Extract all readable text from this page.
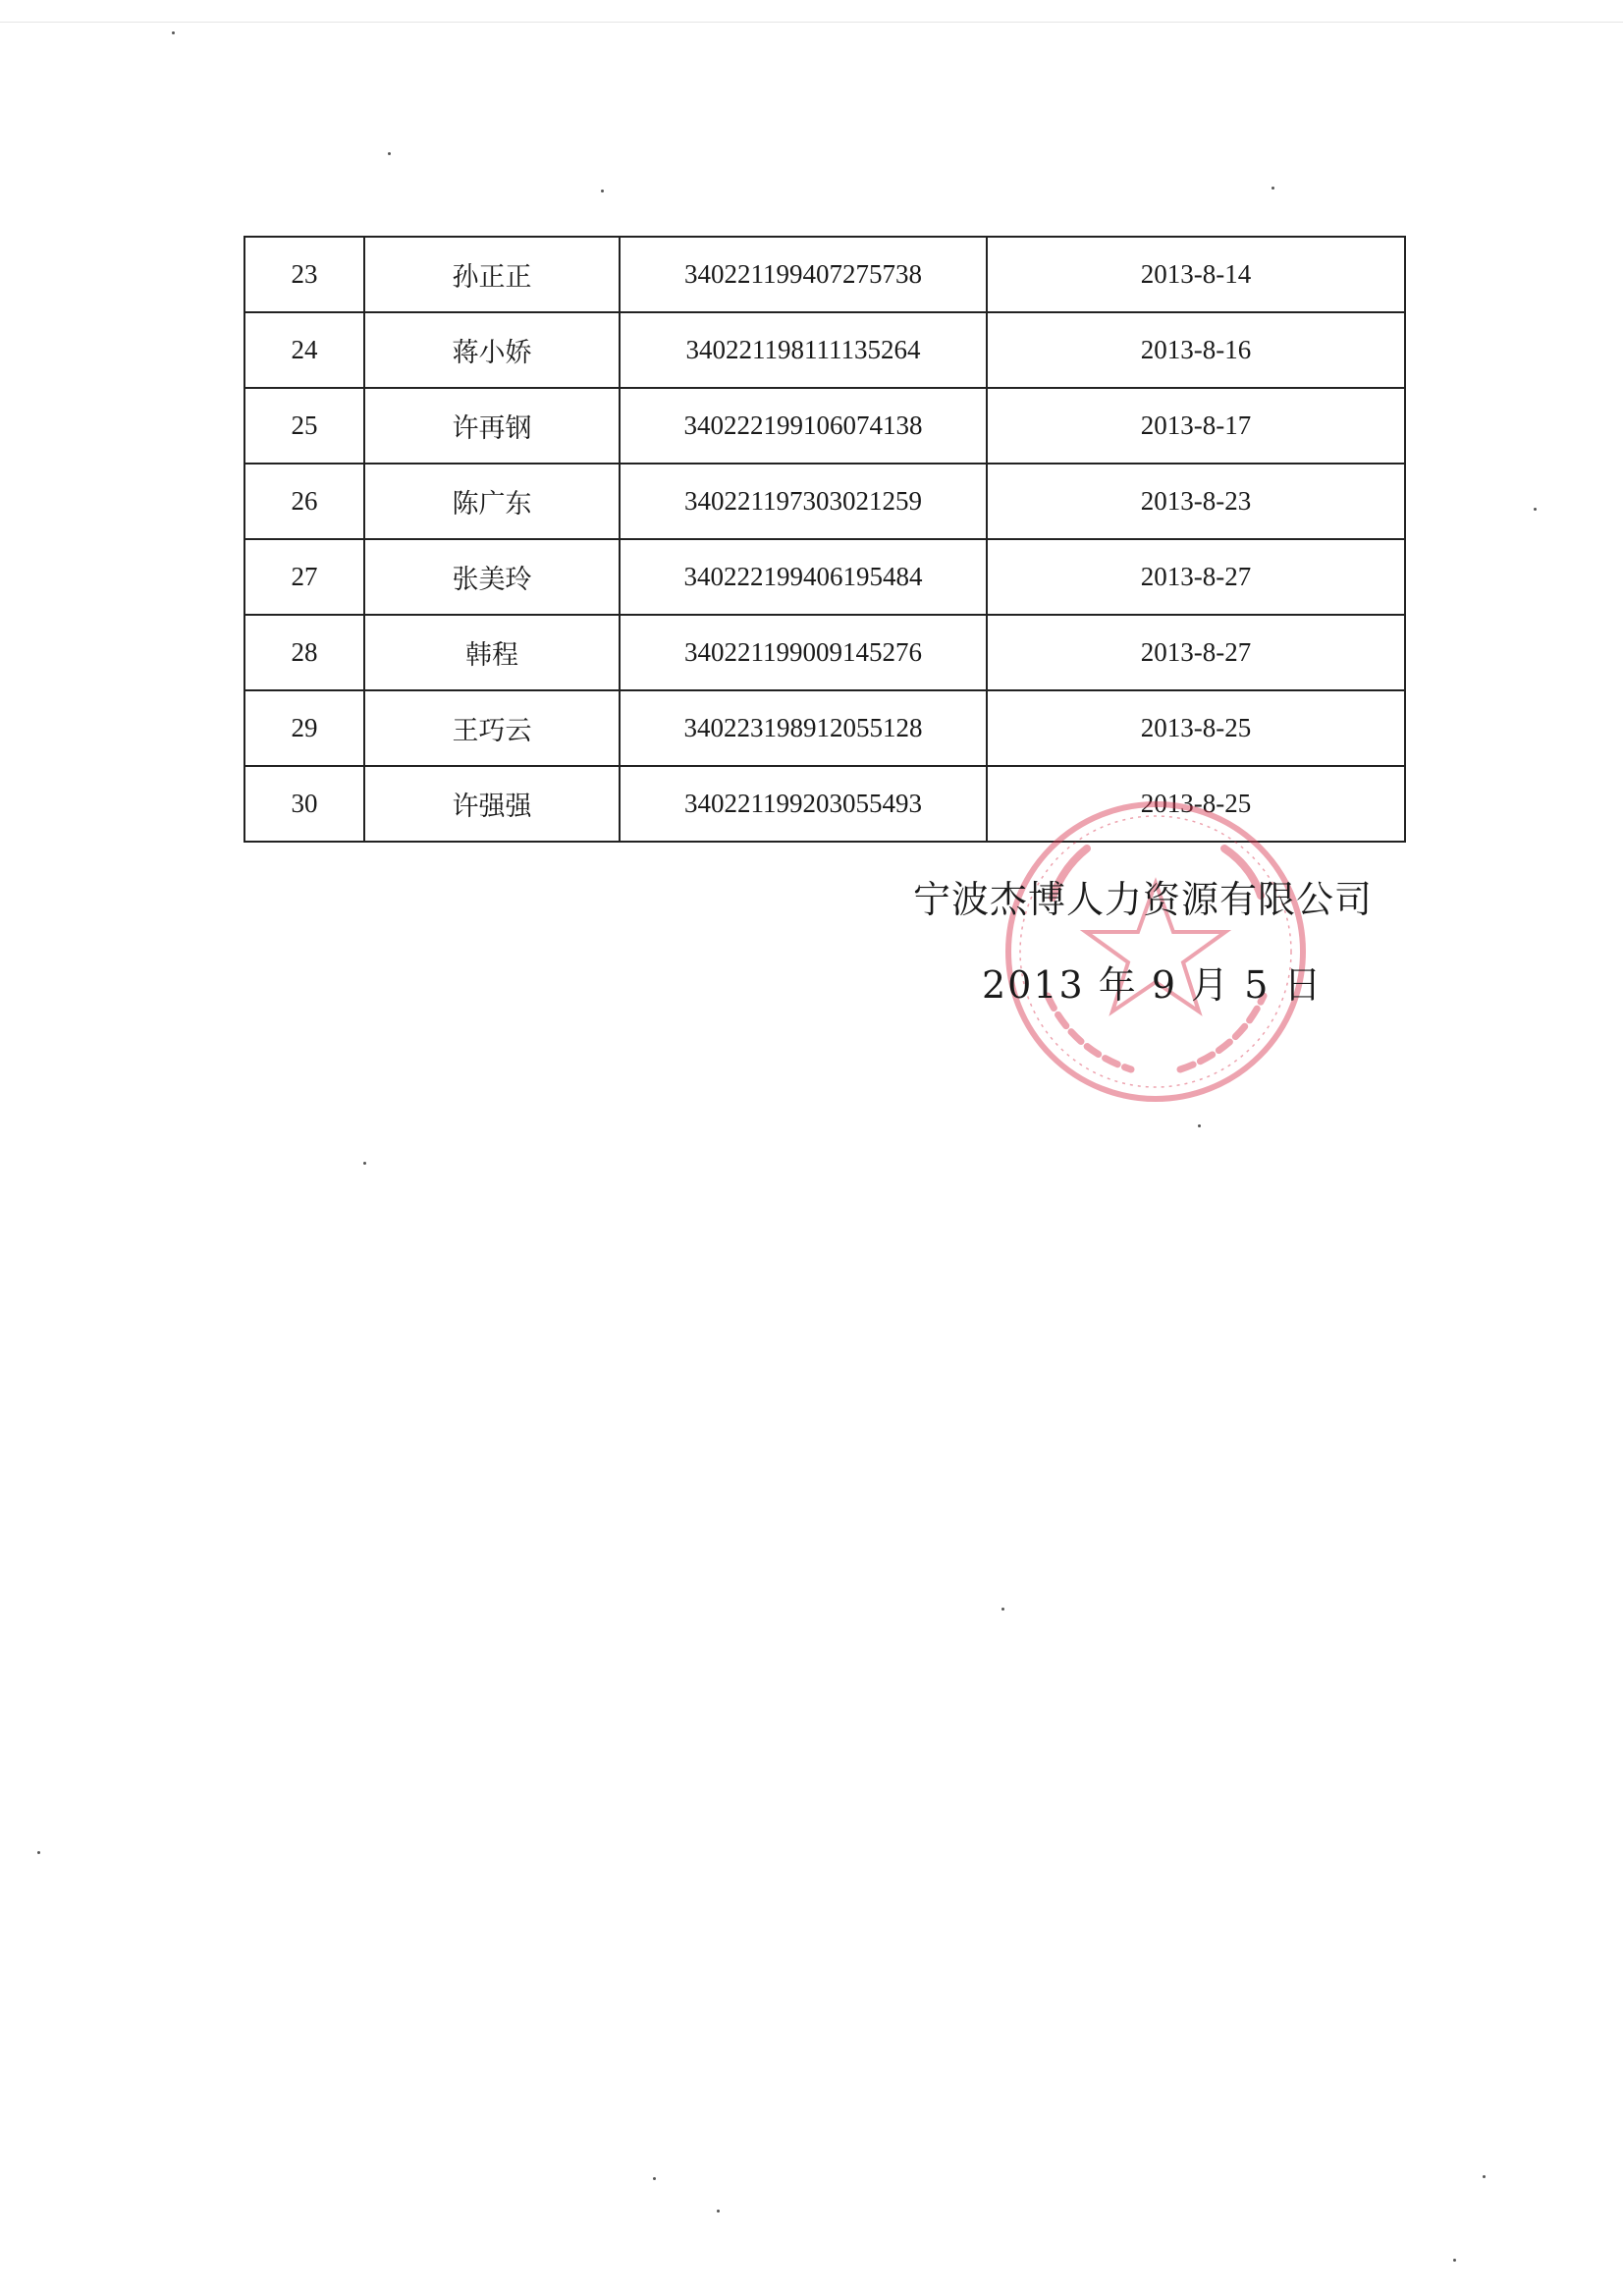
23	孙正正	340221199407275738	2013-8-14
24	蒋小娇	340221198111135264	2013-8-16
25	许再钢	340222199106074138	2013-8-17
26	陈广东	340221197303021259	2013-8-23
27	张美玲	340222199406195484	2013-8-27
28	韩程	340221199009145276	2013-8-27
29	王巧云	340223198912055128	2013-8-25
30	许强强	340221199203055493	2013-8-25
宁波杰博人力资源有限公司
2013 年 9 月 5 日
